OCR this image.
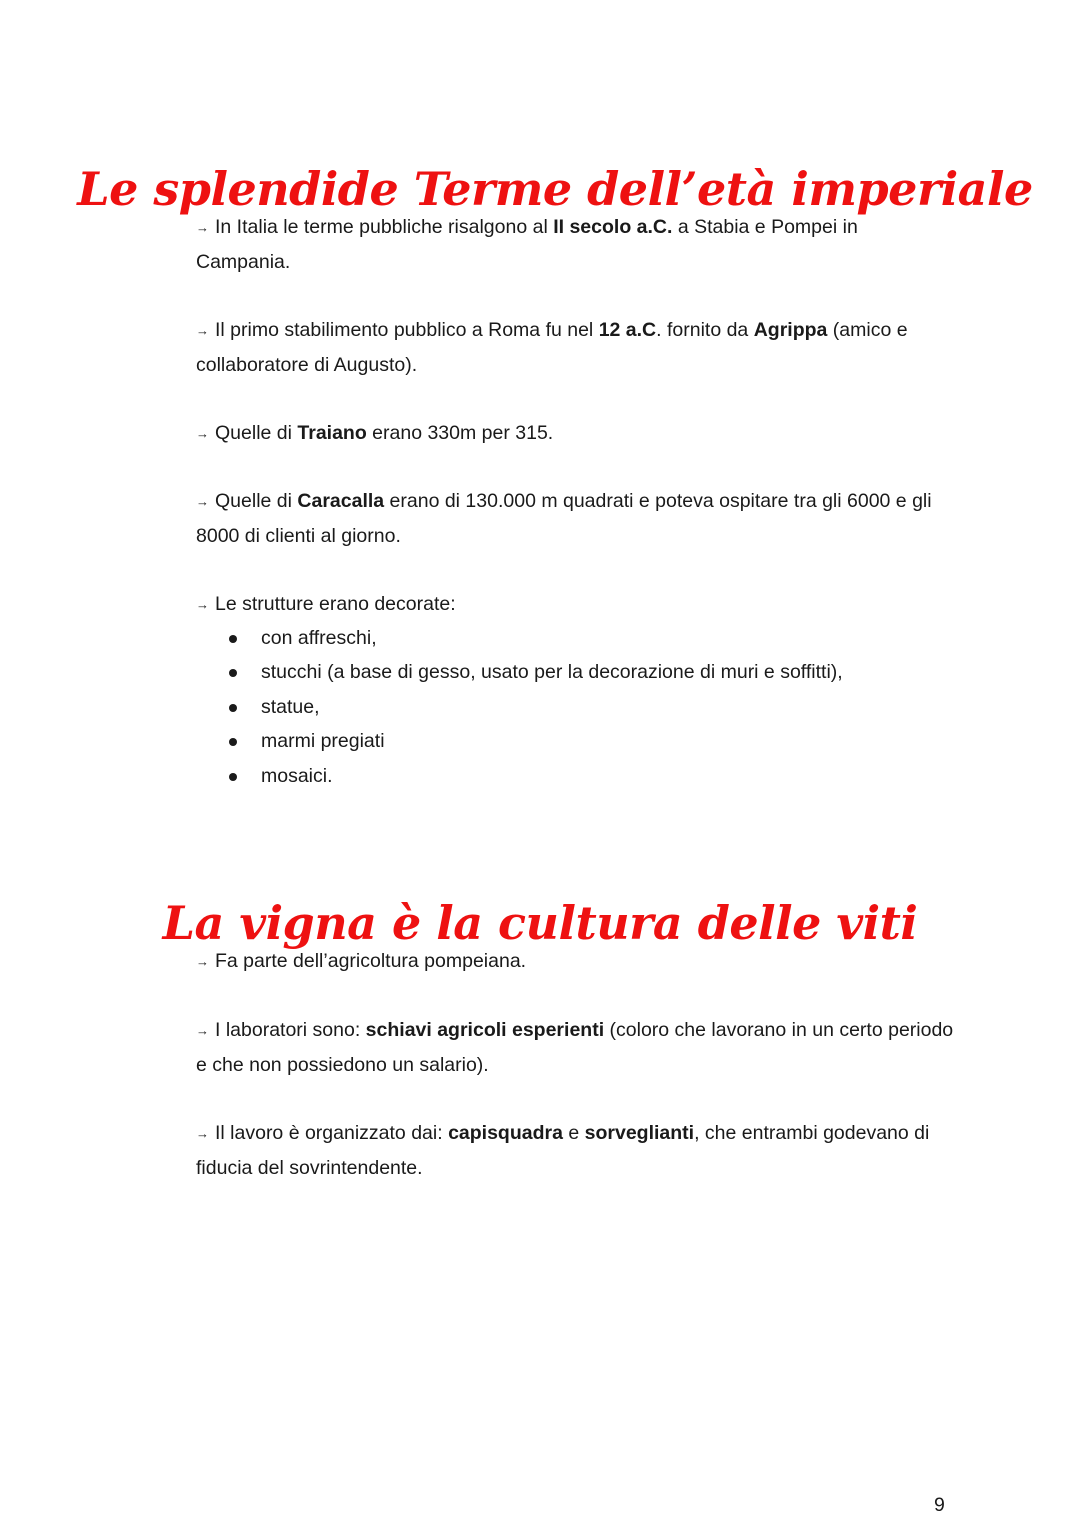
Le splendide Terme dell’età imperiale
→ In Italia le terme pubbliche risalgono al II secolo a.C. a Stabia e Pompei in Campania.
→ Il primo stabilimento pubblico a Roma fu nel 12 a.C. fornito da Agrippa (amico e collaboratore di Augusto).
→ Quelle di Traiano erano 330m per 315.
→ Quelle di Caracalla erano di 130.000 m quadrati e poteva ospitare tra gli 6000 e gli 8000 di clienti al giorno.
→ Le strutture erano decorate:
con affreschi,
stucchi (a base di gesso, usato per la decorazione di muri e soffitti),
statue,
marmi pregiati
mosaici.
La vigna è la cultura delle viti
→ Fa parte dell’agricoltura pompeiana.
→ I laboratori sono: schiavi agricoli esperienti (coloro che lavorano in un certo periodo e che non possiedono un salario).
→ Il lavoro è organizzato dai: capisquadra e sorveglianti, che entrambi godevano di fiducia del sovrintendente.
9
